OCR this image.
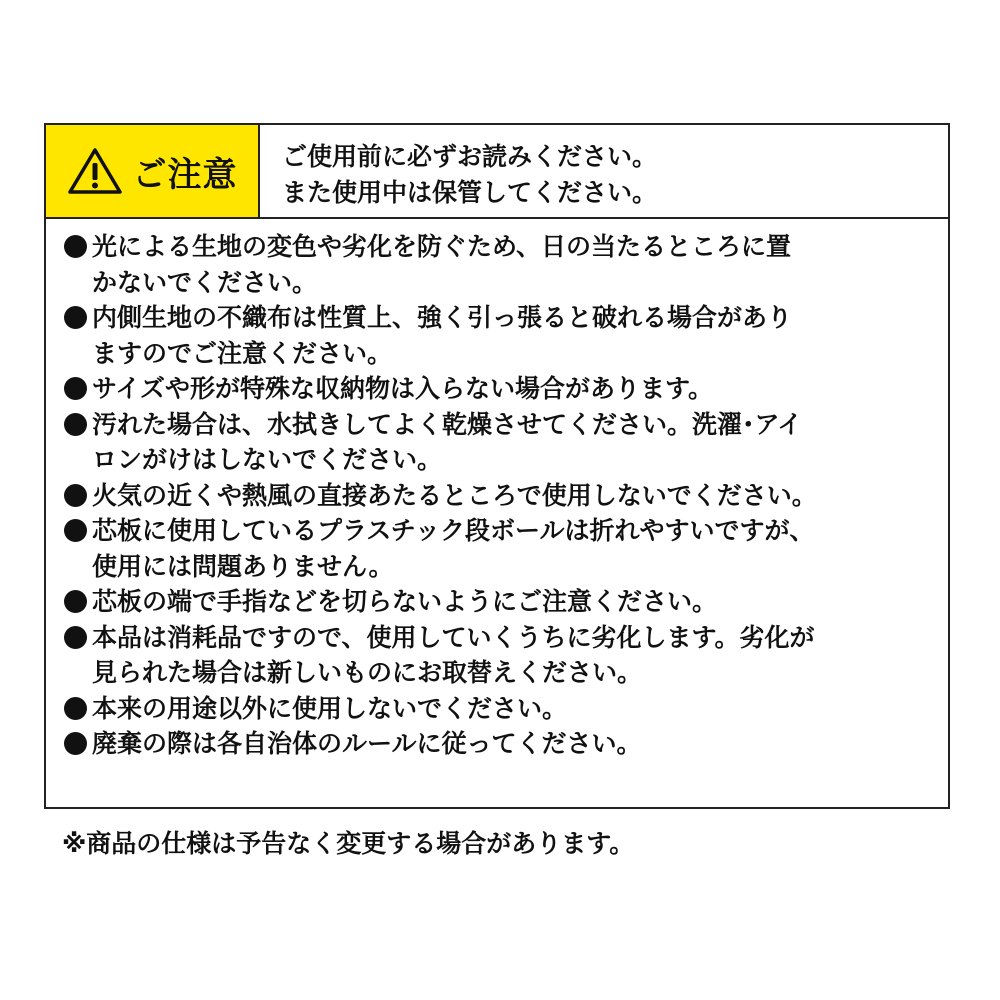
ご注意 ご使用前に必ずお読みください。
また使用中は保管してください。
光による生地の変色や劣化を防ぐため、日の当たるところに置
かないでください。
内側生地の不織布は性質上、強く引っ張ると破れる場合があり
ますのでご注意ください。
サイズや形が特殊な収納物は入らない場合があります。
汚れた場合は、水拭きしてよく乾燥させてください。洗濯･アイ
ロンがけはしないでください。
火気の近くや熱風の直接あたるところで使用しないでください。
芯板に使用しているプラスチック段ボールは折れやすいですが、
使用には問題ありません。
芯板の端で手指などを切らないようにご注意ください。
本品は消耗品ですので、使用していくうちに劣化します。劣化が
見られた場合は新しいものにお取替えください。
本来の用途以外に使用しないでください。
廃棄の際は各自治体のルールに従ってください。
※商品の仕様は予告なく変更する場合があります。
